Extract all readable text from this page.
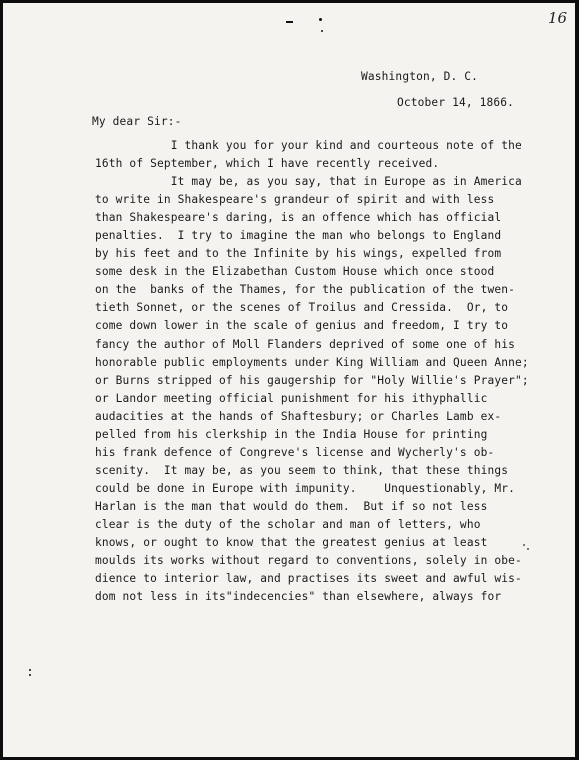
16
Washington, D. C.
October 14, 1866.
My dear Sir:-
I thank you for your kind and courteous note of the
16th of September, which I have recently received.
It may be, as you say, that in Europe as in America
to write in Shakespeare's grandeur of spirit and with less
than Shakespeare's daring, is an offence which has official
penalties.  I try to imagine the man who belongs to England
by his feet and to the Infinite by his wings, expelled from
some desk in the Elizabethan Custom House which once stood
on the  banks of the Thames, for the publication of the twen-
tieth Sonnet, or the scenes of Troilus and Cressida.  Or, to
come down lower in the scale of genius and freedom, I try to
fancy the author of Moll Flanders deprived of some one of his
honorable public employments under King William and Queen Anne;
or Burns stripped of his gaugership for "Holy Willie's Prayer";
or Landor meeting official punishment for his ithyphallic
audacities at the hands of Shaftesbury; or Charles Lamb ex-
pelled from his clerkship in the India House for printing
his frank defence of Congreve's license and Wycherly's ob-
scenity.  It may be, as you seem to think, that these things
could be done in Europe with impunity.    Unquestionably, Mr.
Harlan is the man that would do them.  But if so not less
clear is the duty of the scholar and man of letters, who
knows, or ought to know that the greatest genius at least
moulds its works without regard to conventions, solely in obe-
dience to interior law, and practises its sweet and awful wis-
dom not less in its"indecencies" than elsewhere, always for
